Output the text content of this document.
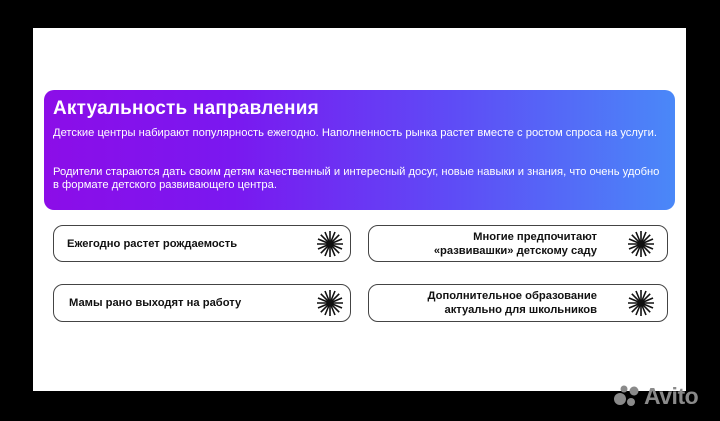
Актуальность направления
Детские центры набирают популярность ежегодно. Наполненность рынка растет вместе с ростом спроса на услуги.
Родители стараются дать своим детям качественный и интересный досуг, новые навыки и знания, что очень удобно в формате детского развивающего центра.
Ежегодно растет рождаемость
Многие предпочитают
«развивашки» детскому саду
Мамы рано выходят на работу
Дополнительное образование
актуально для школьников
Avito
